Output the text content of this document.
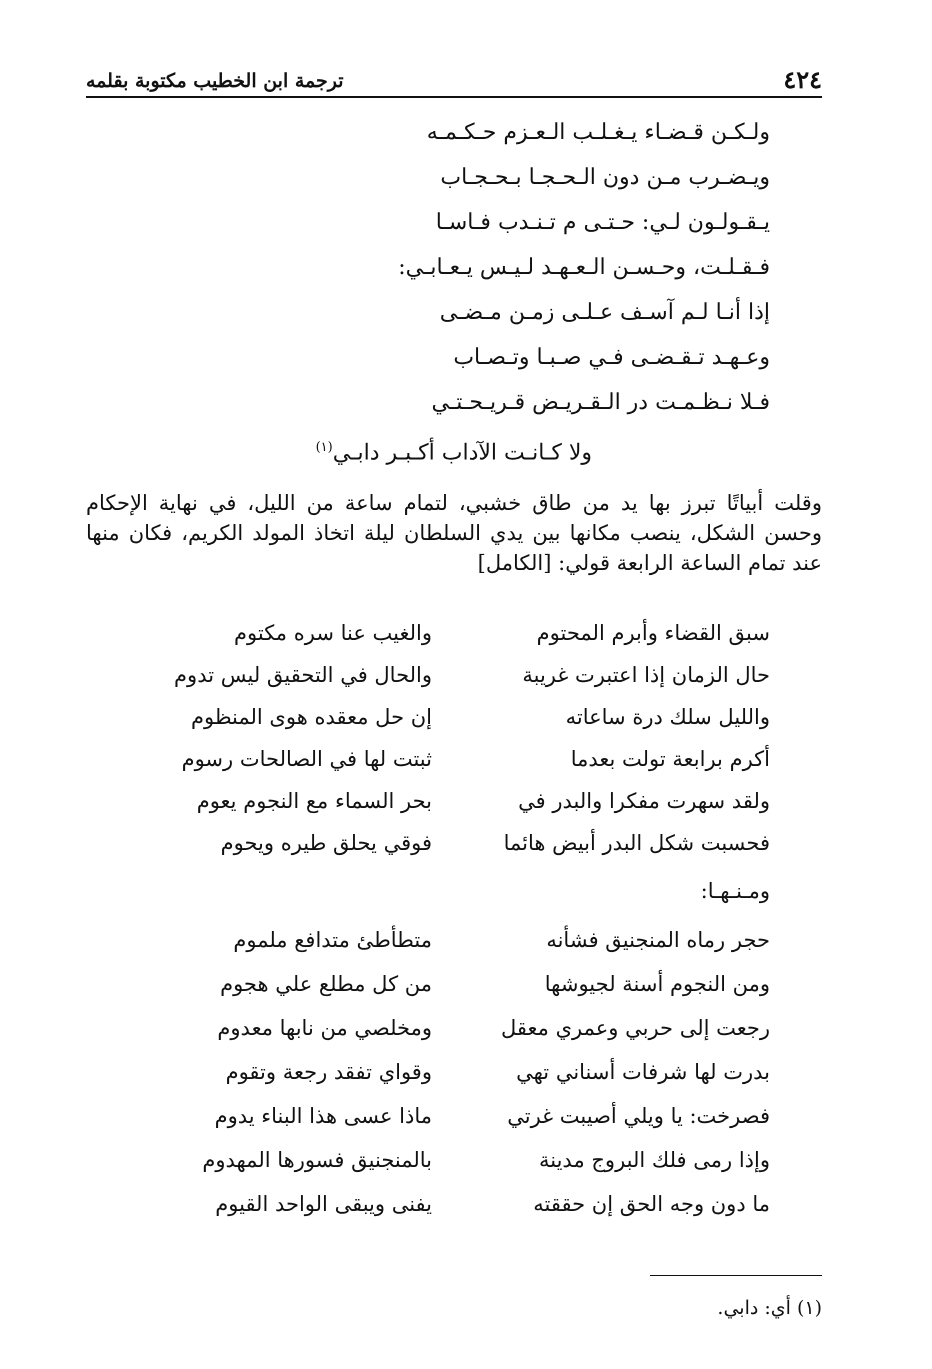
٤٢٤
ترجمة ابن الخطيب مكتوبة بقلمه
ولـكـن قـضـاء يـغـلـب الـعـزم حـكـمـه
ويـضـرب مـن دون الـحـجـا بـحـجـاب
يـقـولـون لـي: حـتـى م تـنـدب فـاسـا
فـقـلـت، وحـسـن الـعـهـد لـيـس يـعـابـي:
إذا أنـا لـم آسـف عـلـى زمـن مـضـى
وعـهـد تـقـضـى فـي صـبـا وتـصـاب
فـلا نـظـمـت در الـقـريـض قـريـحـتـي
ولا كـانـت الآداب أكـبـر دابـي$^{(١)}$
وقلت أبياتًا تبرز بها يد من طاق خشبي، لتمام ساعة من الليل، في نهاية الإحكام وحسن الشكل، ينصب مكانها بين يدي السلطان ليلة اتخاذ المولد الكريم، فكان منها عند تمام الساعة الرابعة قولي: [الكامل]
سبق القضاء وأبرم المحتوم
والغيب عنا سره مكتوم
حال الزمان إذا اعتبرت غريبة
والحال في التحقيق ليس تدوم
والليل سلك درة ساعاته
إن حل معقده هوى المنظوم
أكرم برابعة تولت بعدما
ثبتت لها في الصالحات رسوم
ولقد سهرت مفكرا والبدر في
بحر السماء مع النجوم يعوم
فحسبت شكل البدر أبيض هائما
فوقي يحلق طيره ويحوم
ومـنـهـا:
حجر رماه المنجنيق فشأنه
متطأطئ متدافع ملموم
ومن النجوم أسنة لجيوشها
من كل مطلع علي هجوم
رجعت إلى حربي وعمري معقل
ومخلصي من نابها معدوم
بدرت لها شرفات أسناني تهي
وقواي تفقد رجعة وتقوم
فصرخت: يا ويلي أصيبت غرتي
ماذا عسى هذا البناء يدوم
وإذا رمى فلك البروج مدينة
بالمنجنيق فسورها المهدوم
ما دون وجه الحق إن حققته
يفنى ويبقى الواحد القيوم
(١) أي: دابي.
